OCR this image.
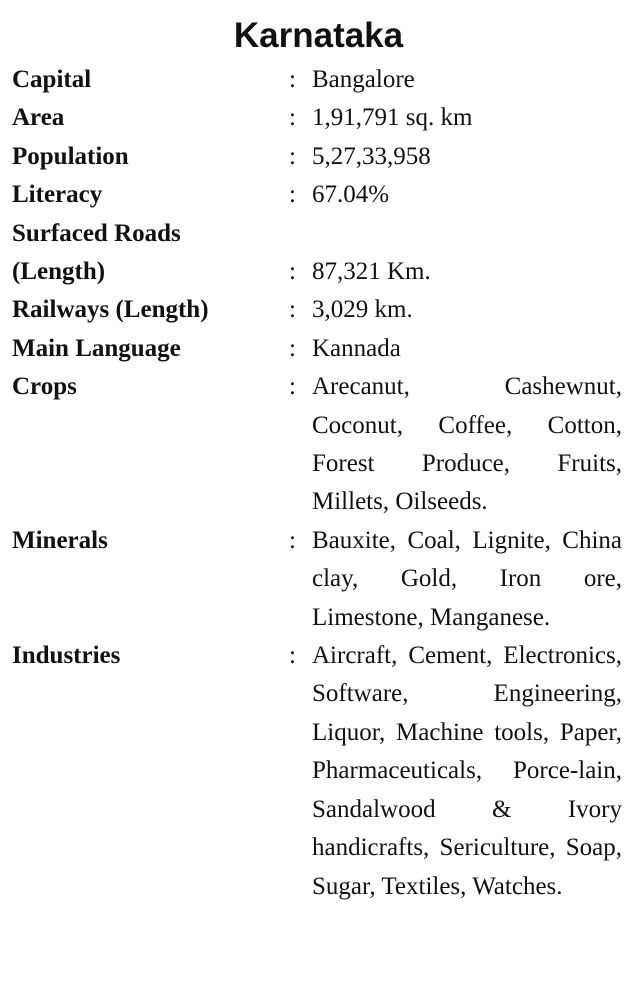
Karnataka
Capital	: Bangalore
Area	: 1,91,791 sq. km
Population	: 5,27,33,958
Literacy	: 67.04%
Surfaced Roads
(Length)	: 87,321 Km.
Railways (Length)	: 3,029 km.
Main Language	: Kannada
Crops	: Arecanut, Cashewnut, Coconut, Coffee, Cotton, Forest Produce, Fruits, Millets, Oilseeds.
Minerals	: Bauxite, Coal, Lignite, China clay, Gold, Iron ore, Limestone, Manganese.
Industries	: Aircraft, Cement, Electronics, Software, Engineering, Liquor, Machine tools, Paper, Pharmaceuticals, Porce-lain, Sandalwood & Ivory handicrafts, Sericulture, Soap, Sugar, Textiles, Watches.
